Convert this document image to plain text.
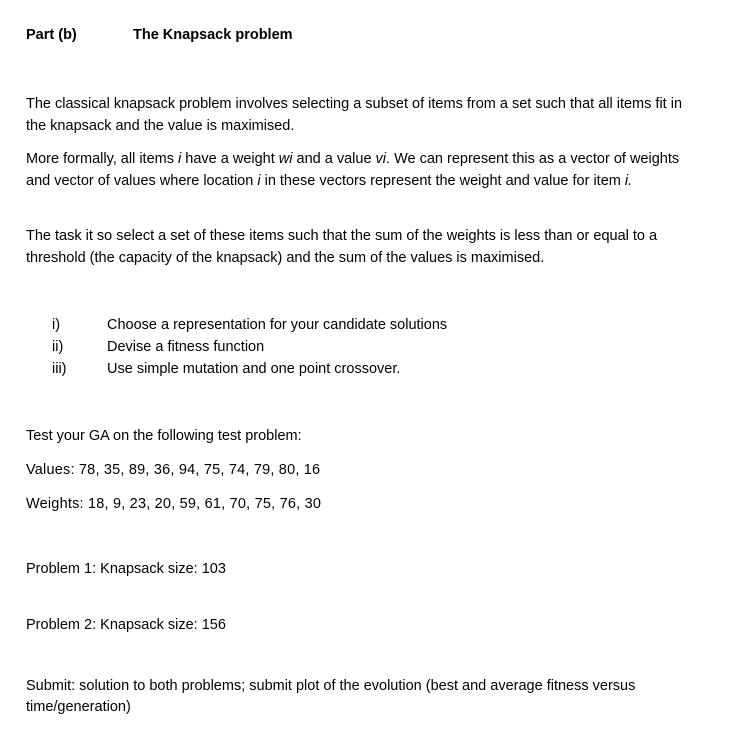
Part (b)	The Knapsack problem

The classical knapsack problem involves selecting a subset of items from a set such that all items fit in the knapsack and the value is maximised.

More formally, all items i have a weight wi and a value vi. We can represent this as a vector of weights and vector of values where location i in these vectors represent the weight and value for item i.

The task it so select a set of these items such that the sum of the weights is less than or equal to a threshold (the capacity of the knapsack) and the sum of the values is maximised.

i)	Choose a representation for your candidate solutions
ii)	Devise a fitness function
iii)	Use simple mutation and one point crossover.
Test your GA on the following test problem:
Values: 78, 35, 89, 36, 94, 75, 74, 79, 80, 16
Weights: 18, 9, 23, 20, 59, 61, 70, 75, 76, 30
Problem 1: Knapsack size: 103
Problem 2: Knapsack size: 156

Submit: solution to both problems; submit plot of the evolution (best and average fitness versus time/generation)
